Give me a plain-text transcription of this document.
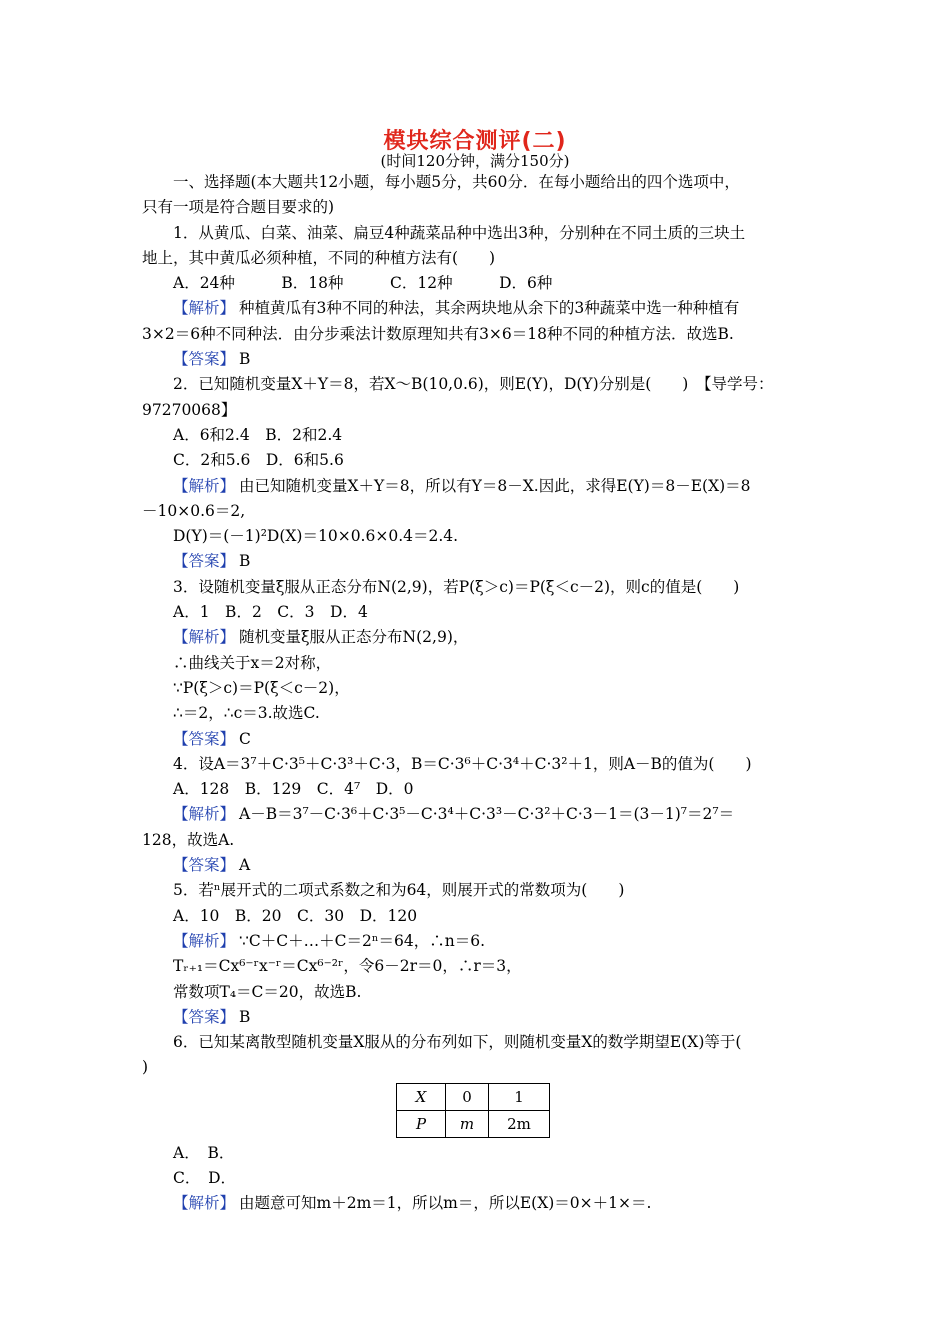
模块综合测评(二)
(时间120分钟，满分150分)
一、选择题(本大题共12小题，每小题5分，共60分．在每小题给出的四个选项中，
只有一项是符合题目要求的)
1．从黄瓜、白菜、油菜、扁豆4种蔬菜品种中选出3种，分别种在不同土质的三块土
地上，其中黄瓜必须种植，不同的种植方法有(　　)
A．24种　　　B．18种　　　C．12种　　　D．6种
【解析】 种植黄瓜有3种不同的种法，其余两块地从余下的3种蔬菜中选一种种植有
3×2＝6种不同种法．由分步乘法计数原理知共有3×6＝18种不同的种植方法．故选B.
【答案】 B
2．已知随机变量X＋Y＝8，若X～B(10,0.6)，则E(Y)，D(Y)分别是(　　)　【导学号：
97270068】
A．6和2.4　B．2和2.4
C．2和5.6　D．6和5.6
【解析】 由已知随机变量X＋Y＝8，所以有Y＝8－X.因此，求得E(Y)＝8－E(X)＝8
－10×0.6＝2,
D(Y)＝(－1)²D(X)＝10×0.6×0.4＝2.4.
【答案】 B
3．设随机变量ξ服从正态分布N(2,9)，若P(ξ＞c)＝P(ξ＜c－2)，则c的值是(　　)
A．1　B．2　C．3　D．4
【解析】 随机变量ξ服从正态分布N(2,9)，
∴曲线关于x＝2对称，
∵P(ξ＞c)＝P(ξ＜c－2)，
∴＝2，∴c＝3.故选C.
【答案】 C
4．设A＝3⁷＋C·3⁵＋C·3³＋C·3，B＝C·3⁶＋C·3⁴＋C·3²＋1，则A－B的值为(　　)
A．128　B．129　C．4⁷　D．0
【解析】 A－B＝3⁷－C·3⁶＋C·3⁵－C·3⁴＋C·3³－C·3²＋C·3－1＝(3－1)⁷＝2⁷＝
128，故选A.
【答案】 A
5．若ⁿ展开式的二项式系数之和为64，则展开式的常数项为(　　)
A．10　B．20　C．30　D．120
【解析】 ∵C＋C＋…＋C＝2ⁿ＝64，∴n＝6.
Tᵣ₊₁＝Cx⁶⁻ʳx⁻ʳ＝Cx⁶⁻²ʳ，令6－2r＝0，∴r＝3，
常数项T₄＝C＝20，故选B.
【答案】 B
6．已知某离散型随机变量X服从的分布列如下，则随机变量X的数学期望E(X)等于(
)
X	0	1
P	m	2m
A．　B．
C．　D．
【解析】 由题意可知m＋2m＝1，所以m＝，所以E(X)＝0×＋1×＝.
